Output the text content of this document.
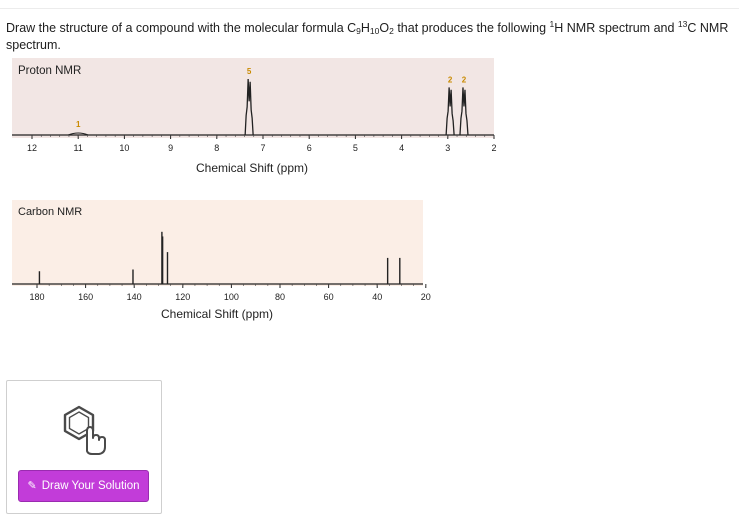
Draw the structure of a compound with the molecular formula $C_9H_{10}O_2$ that produces the following $^1$H NMR spectrum and $^{13}$C NMR spectrum.
Proton NMR
1
5
2 2
12	11	10	9	8	7	6	5	4	3	2
Chemical Shift (ppm)
Carbon NMR
180	160	140	120	100	80	60	40	20
Chemical Shift (ppm)
✎ Draw Your Solution
